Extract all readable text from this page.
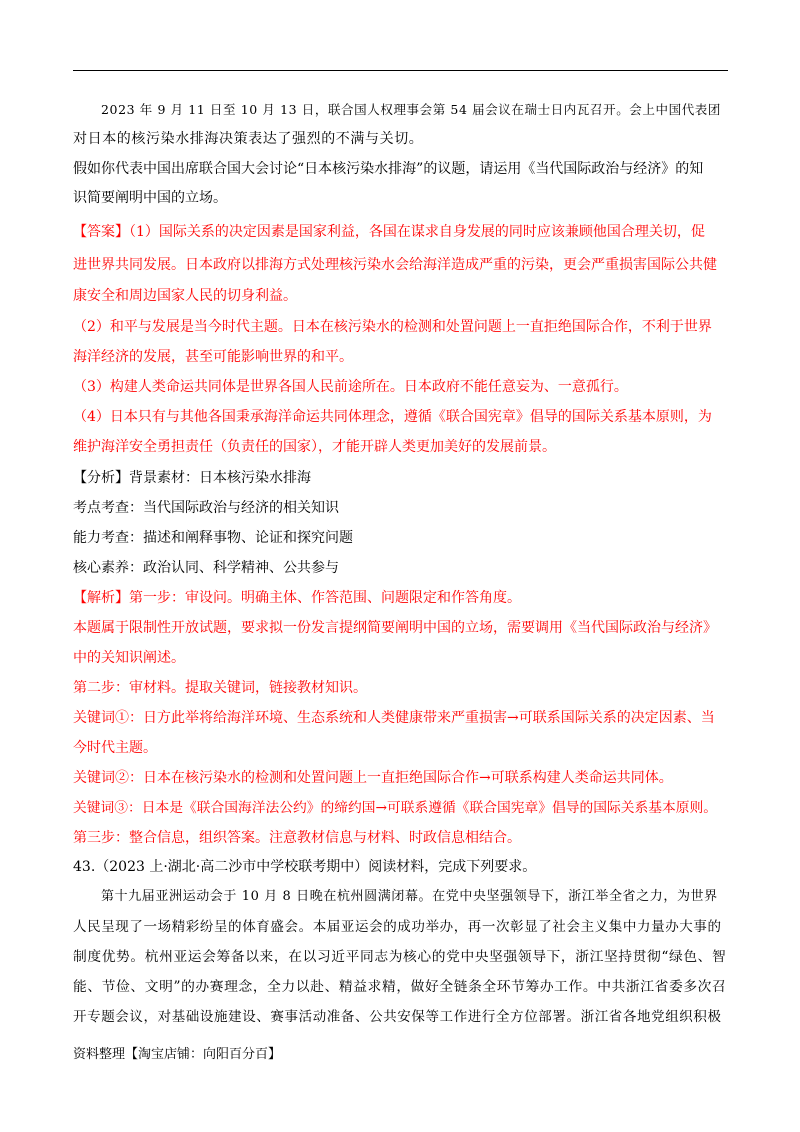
2023 年 9 月 11 日至 10 月 13 日，联合国人权理事会第 54 届会议在瑞士日内瓦召开。会上中国代表团
对日本的核污染水排海决策表达了强烈的不满与关切。
假如你代表中国出席联合国大会讨论“日本核污染水排海”的议题，请运用《当代国际政治与经济》的知
识简要阐明中国的立场。
【答案】（1）国际关系的决定因素是国家利益，各国在谋求自身发展的同时应该兼顾他国合理关切，促
进世界共同发展。日本政府以排海方式处理核污染水会给海洋造成严重的污染，更会严重损害国际公共健
康安全和周边国家人民的切身利益。
（2）和平与发展是当今时代主题。日本在核污染水的检测和处置问题上一直拒绝国际合作，不利于世界
海洋经济的发展，甚至可能影响世界的和平。
（3）构建人类命运共同体是世界各国人民前途所在。日本政府不能任意妄为、一意孤行。
（4）日本只有与其他各国秉承海洋命运共同体理念，遵循《联合国宪章》倡导的国际关系基本原则，为
维护海洋安全勇担责任（负责任的国家），才能开辟人类更加美好的发展前景。
【分析】背景素材：日本核污染水排海
考点考查：当代国际政治与经济的相关知识
能力考查：描述和阐释事物、论证和探究问题
核心素养：政治认同、科学精神、公共参与
【解析】第一步：审设问。明确主体、作答范围、问题限定和作答角度。
本题属于限制性开放试题，要求拟一份发言提纲简要阐明中国的立场，需要调用《当代国际政治与经济》
中的关知识阐述。
第二步：审材料。提取关键词，链接教材知识。
关键词①：日方此举将给海洋环境、生态系统和人类健康带来严重损害→可联系国际关系的决定因素、当
今时代主题。
关键词②：日本在核污染水的检测和处置问题上一直拒绝国际合作→可联系构建人类命运共同体。
关键词③：日本是《联合国海洋法公约》的缔约国→可联系遵循《联合国宪章》倡导的国际关系基本原则。
第三步：整合信息，组织答案。注意教材信息与材料、时政信息相结合。
43.（2023 上·湖北·高二沙市中学校联考期中）阅读材料，完成下列要求。
第十九届亚洲运动会于 10 月 8 日晚在杭州圆满闭幕。在党中央坚强领导下，浙江举全省之力，为世界
人民呈现了一场精彩纷呈的体育盛会。本届亚运会的成功举办，再一次彰显了社会主义集中力量办大事的
制度优势。杭州亚运会筹备以来，在以习近平同志为核心的党中央坚强领导下，浙江坚持贯彻“绿色、智
能、节俭、文明”的办赛理念，全力以赴、精益求精，做好全链条全环节筹办工作。中共浙江省委多次召
开专题会议，对基础设施建设、赛事活动准备、公共安保等工作进行全方位部署。浙江省各地党组织积极
资料整理【淘宝店铺：向阳百分百】
